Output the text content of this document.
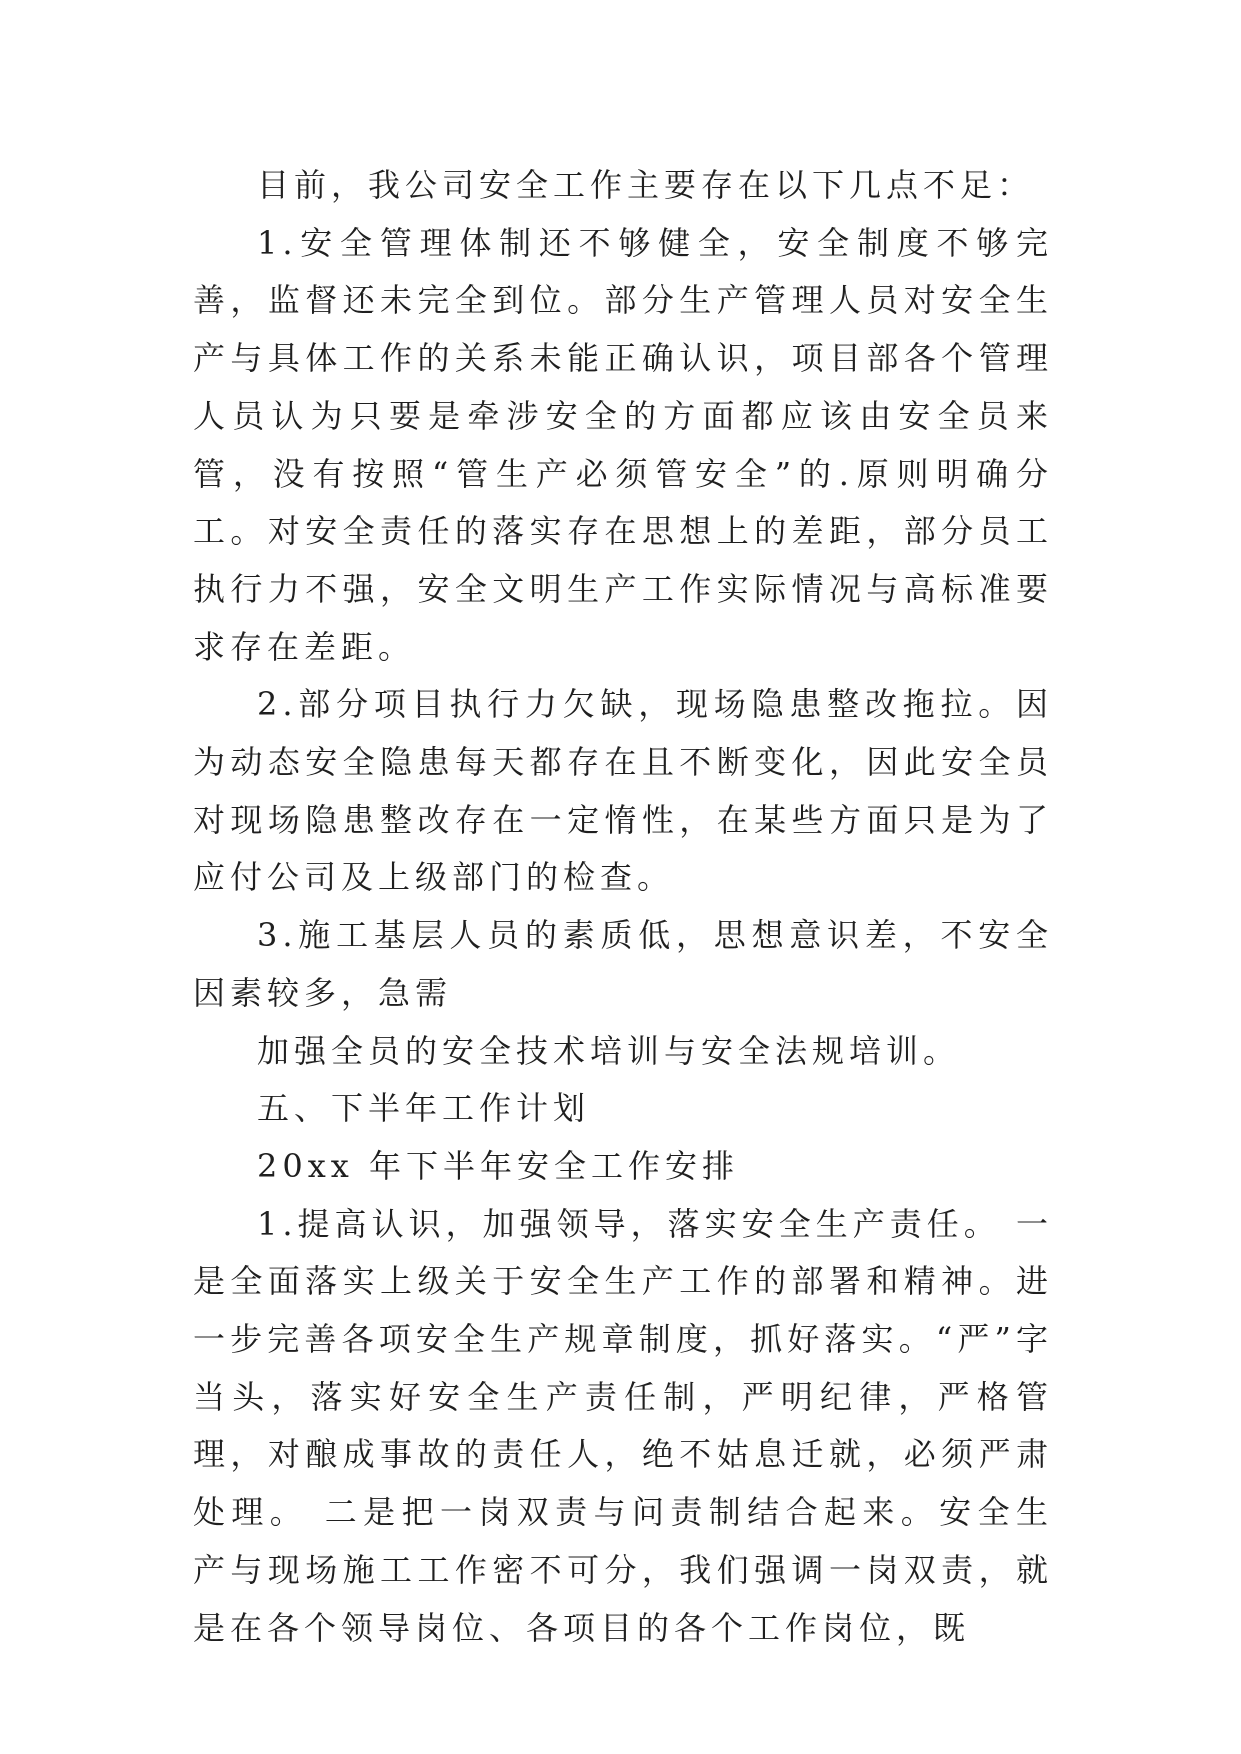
目前，我公司安全工作主要存在以下几点不足：

1.安全管理体制还不够健全，安全制度不够完善，监督还未完全到位。部分生产管理人员对安全生产与具体工作的关系未能正确认识，项目部各个管理人员认为只要是牵涉安全的方面都应该由安全员来管，没有按照“管生产必须管安全”的.原则明确分工。对安全责任的落实存在思想上的差距，部分员工执行力不强，安全文明生产工作实际情况与高标准要求存在差距。

2.部分项目执行力欠缺，现场隐患整改拖拉。因为动态安全隐患每天都存在且不断变化，因此安全员对现场隐患整改存在一定惰性，在某些方面只是为了应付公司及上级部门的检查。

3.施工基层人员的素质低，思想意识差，不安全因素较多，急需

加强全员的安全技术培训与安全法规培训。

五、下半年工作计划

20xx 年下半年安全工作安排

1.提高认识，加强领导，落实安全生产责任。 一是全面落实上级关于安全生产工作的部署和精神。进一步完善各项安全生产规章制度，抓好落实。“严”字当头，落实好安全生产责任制，严明纪律，严格管理，对酿成事故的责任人，绝不姑息迁就，必须严肃处理。 二是把一岗双责与问责制结合起来。安全生产与现场施工工作密不可分，我们强调一岗双责，就是在各个领导岗位、各项目的各个工作岗位，既
